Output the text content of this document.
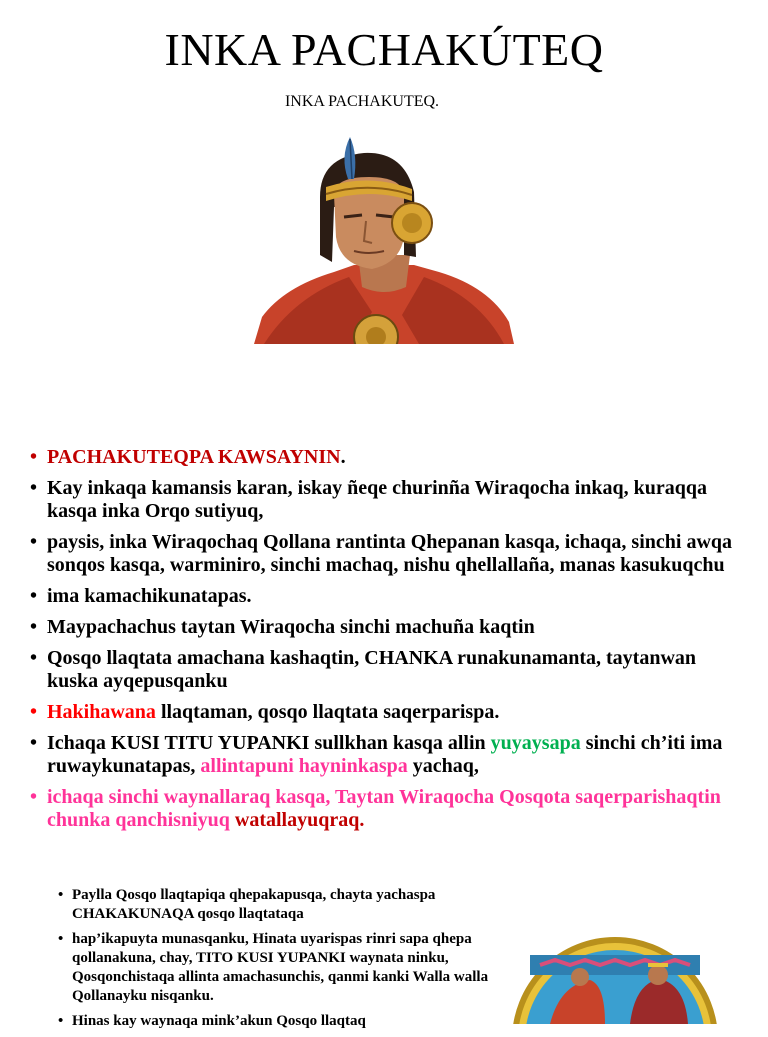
INKA PACHAKÚTEQ
INKA PACHAKUTEQ.
• PACHAKUTEQPA KAWSAYNIN.
• Kay inkaqa kamansis karan, iskay ñeqe churinña Wiraqocha inkaq, kuraqqa kasqa inka Orqo sutiyuq,
• paysis, inka Wiraqochaq Qollana rantinta Qhepanan kasqa, ichaqa, sinchi awqa sonqos kasqa, warminiro, sinchi machaq, nishu qhellallaña, manas kasukuqchu
• ima kamachikunatapas.
• Maypachachus taytan Wiraqocha sinchi machuña kaqtin
• Qosqo llaqtata amachana kashaqtin, CHANKA runakunamanta, taytanwan kuska ayqepusqanku
• Hakihawana llaqtaman, qosqo llaqtata saqerparispa.
• Ichaqa KUSI TITU YUPANKI sullkhan kasqa allin yuyaysapa sinchi ch’iti ima ruwaykunatapas, allintapuni hayninkaspa yachaq,
• ichaqa sinchi waynallaraq kasqa, Taytan Wiraqocha Qosqota saqerparishaqtin chunka qanchisniyuq watallayuqraq.
• Paylla Qosqo llaqtapiqa qhepakapusqa, chayta yachaspa CHAKAKUNAQA qosqo llaqtataqa
• hap’ikapuyta munasqanku, Hinata uyarispas rinri sapa qhepa qollanakuna, chay, TITO KUSI YUPANKI waynata ninku, Qosqonchistaqa allinta amachasunchis, qanmi kanki Walla walla Qollanayku nisqanku.
• Hinas kay waynaqa mink’akun Qosqo llaqtaq
